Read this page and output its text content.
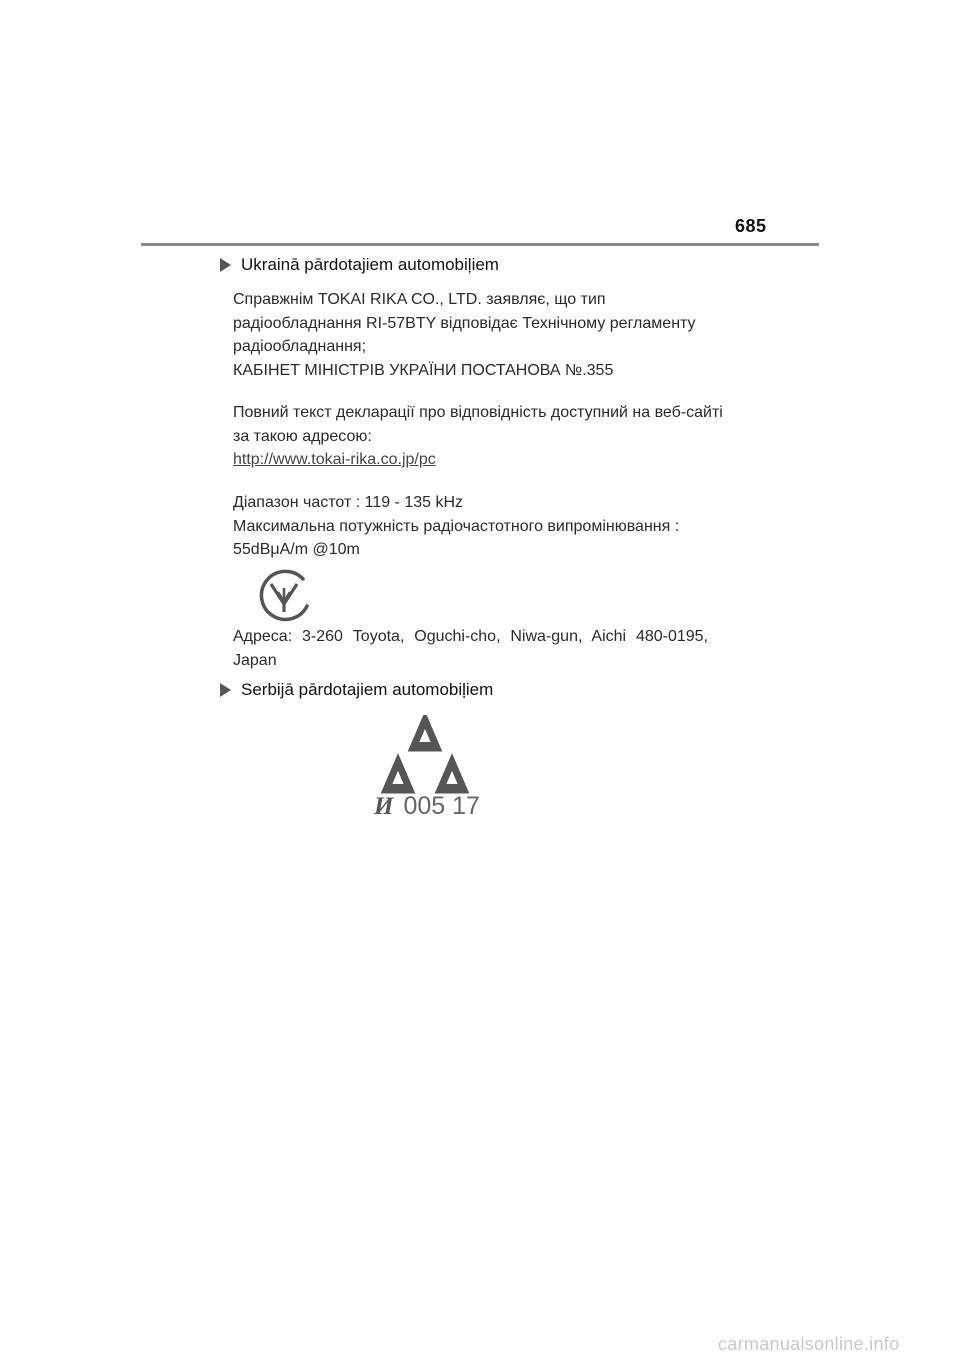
685
Ukrainā pārdotajiem automobiļiem
Справжнім TOKAI RIKA CO., LTD. заявляє, що тип
радіообладнання RI-57BTY відповідає Технічному регламенту
радіообладнання;
КАБІНЕТ МІНІСТРІВ УКРАЇНИ ПОСТАНОВА №.355
Повний текст декларації про відповідність доступний на веб-сайті
за такою адресою:
http://www.tokai-rika.co.jp/pc
Діапазон частот : 119 - 135 kHz
Максимальна потужність радіочастотного випромінювання :
55dBμA/m @10m
Адреса: 3-260 Toyota, Oguchi-cho, Niwa-gun, Aichi 480-0195,
Japan
Serbijā pārdotajiem automobiļiem
И 005 17
carmanualsonline.info
